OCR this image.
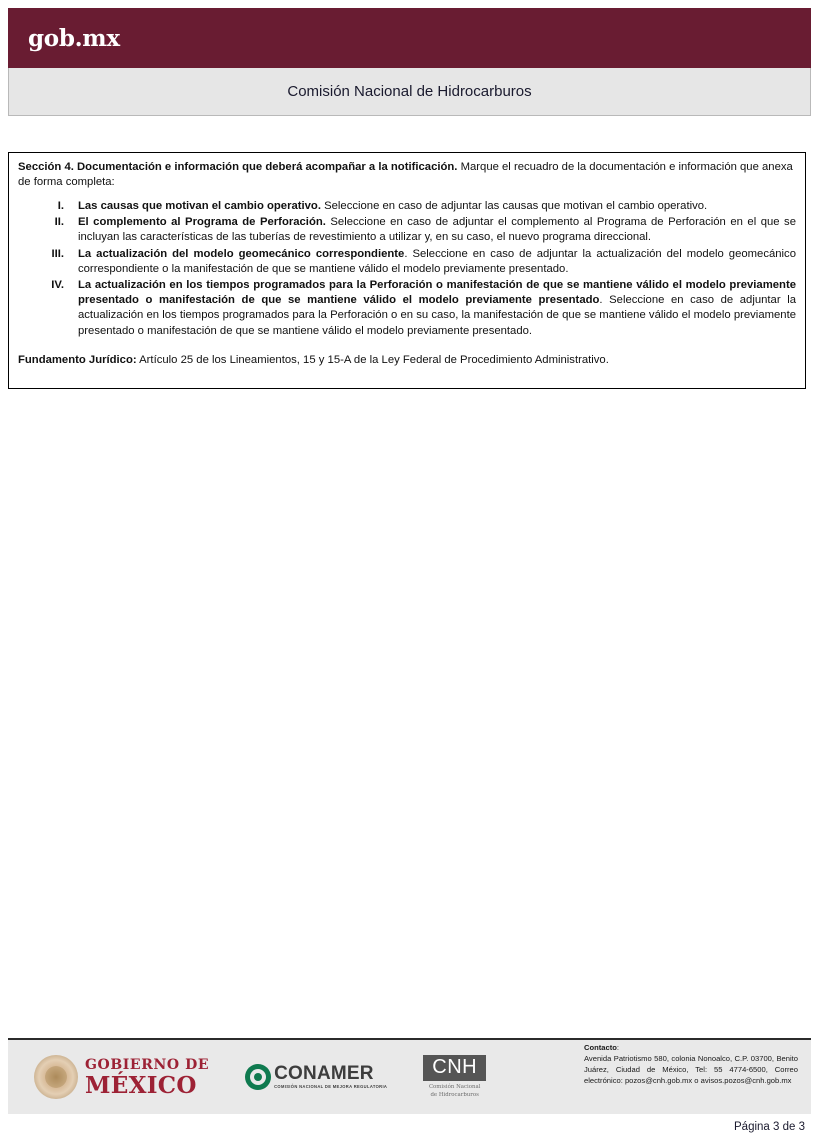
gob.mx
Comisión Nacional de Hidrocarburos

Sección 4. Documentación e información que deberá acompañar a la notificación. Marque el recuadro de la documentación e información que anexa de forma completa:

I. Las causas que motivan el cambio operativo. Seleccione en caso de adjuntar las causas que motivan el cambio operativo.
II. El complemento al Programa de Perforación. Seleccione en caso de adjuntar el complemento al Programa de Perforación en el que se incluyan las características de las tuberías de revestimiento a utilizar y, en su caso, el nuevo programa direccional.
III. La actualización del modelo geomecánico correspondiente. Seleccione en caso de adjuntar la actualización del modelo geomecánico correspondiente o la manifestación de que se mantiene válido el modelo previamente presentado.
IV. La actualización en los tiempos programados para la Perforación o manifestación de que se mantiene válido el modelo previamente presentado o manifestación de que se mantiene válido el modelo previamente presentado. Seleccione en caso de adjuntar la actualización en los tiempos programados para la Perforación o en su caso, la manifestación de que se mantiene válido el modelo previamente presentado o manifestación de que se mantiene válido el modelo previamente presentado.

Fundamento Jurídico: Artículo 25 de los Lineamientos, 15 y 15-A de la Ley Federal de Procedimiento Administrativo.

GOBIERNO DE
MÉXICO	CONAMER
COMISIÓN NACIONAL DE MEJORA REGULATORIA
CNH
Comisión Nacional
de Hidrocarburos
Contacto:
Avenida Patriotismo 580, colonia Nonoalco, C.P. 03700, Benito Juárez, Ciudad de México, Tel: 55 4774-6500, Correo electrónico: pozos@cnh.gob.mx o avisos.pozos@cnh.gob.mx
Página 3 de 3
